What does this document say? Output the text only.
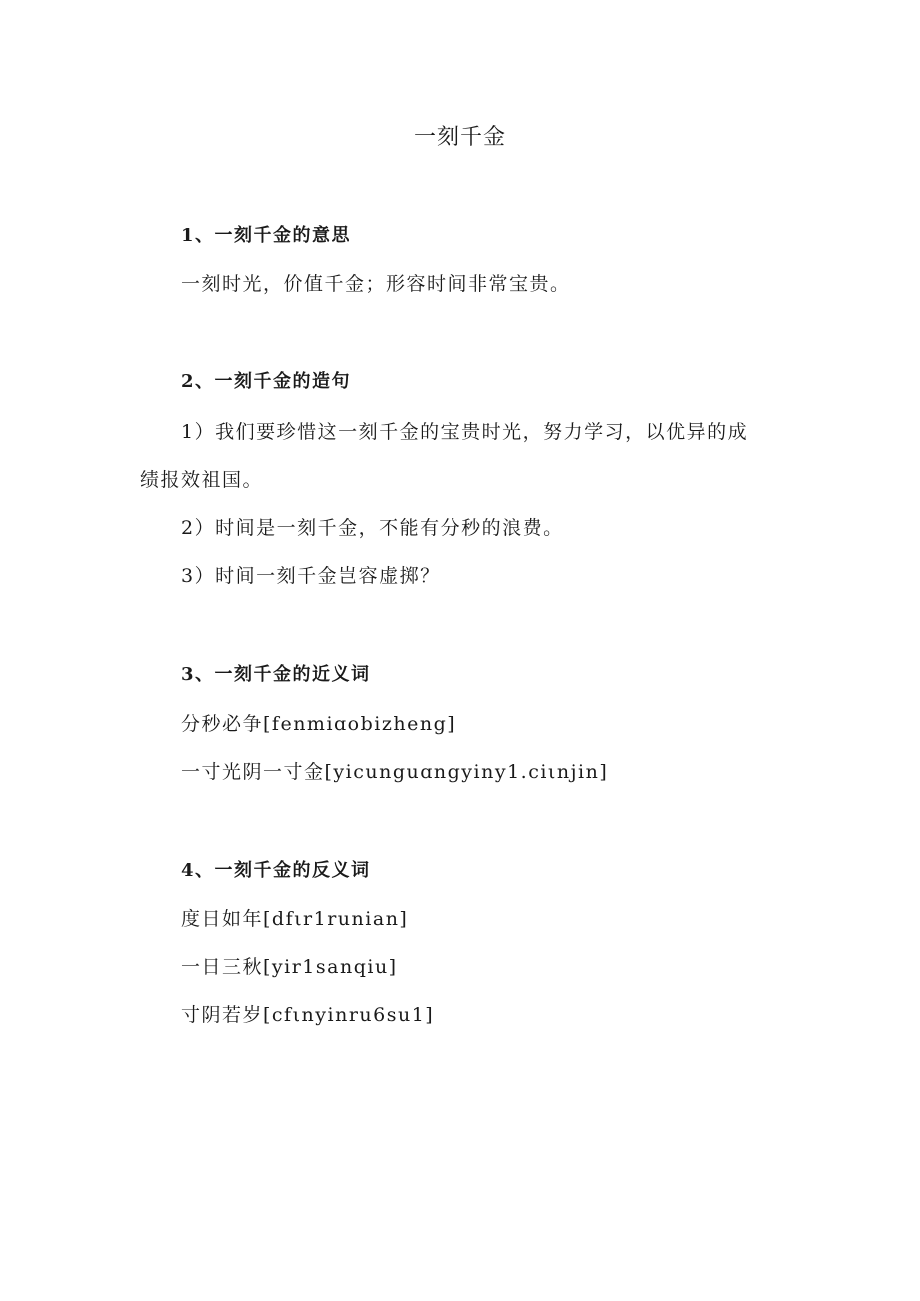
一刻千金
1、一刻千金的意思
一刻时光，价值千金；形容时间非常宝贵。
2、一刻千金的造句
1）我们要珍惜这一刻千金的宝贵时光，努力学习，以优异的成
绩报效祖国。
2）时间是一刻千金，不能有分秒的浪费。
3）时间一刻千金岂容虚掷？
3、一刻千金的近义词
分秒必争[fenmiɑobizheng]
一寸光阴一寸金[yicunguɑngyiny1.ciιnjin]
4、一刻千金的反义词
度日如年[dfιr1runian]
一日三秋[yir1sanqiu]
寸阴若岁[cfιnyinru6su1]
